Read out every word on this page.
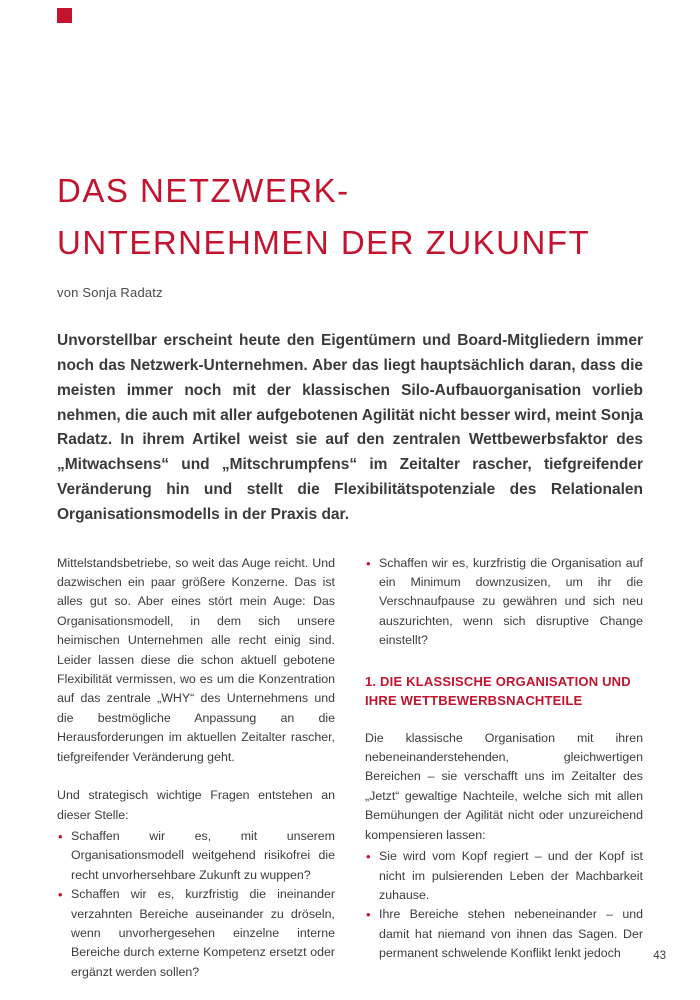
DAS NETZWERK-
UNTERNEHMEN DER ZUKUNFT

von Sonja Radatz

Unvorstellbar erscheint heute den Eigentümern und Board-Mitgliedern immer noch das Netzwerk-Unternehmen. Aber das liegt hauptsächlich daran, dass die meisten immer noch mit der klassischen Silo-Aufbauorganisation vorlieb nehmen, die auch mit aller aufgebotenen Agilität nicht besser wird, meint Sonja Radatz. In ihrem Artikel weist sie auf den zentralen Wettbewerbsfaktor des „Mitwachsens“ und „Mitschrumpfens“ im Zeitalter rascher, tiefgreifender Veränderung hin und stellt die Flexibilitätspotenziale des Relationalen Organisationsmodells in der Praxis dar.

Mittelstandsbetriebe, so weit das Auge reicht. Und dazwischen ein paar größere Konzerne. Das ist alles gut so. Aber eines stört mein Auge: Das Organisationsmodell, in dem sich unsere heimischen Unternehmen alle recht einig sind. Leider lassen diese die schon aktuell gebotene Flexibilität vermissen, wo es um die Konzentration auf das zentrale „WHY“ des Unternehmens und die bestmögliche Anpassung an die Herausforderungen im aktuellen Zeitalter rascher, tiefgreifender Veränderung geht.

Und strategisch wichtige Fragen entstehen an dieser Stelle:

• Schaffen wir es, mit unserem Organisationsmodell weitgehend risikofrei die recht unvorhersehbare Zukunft zu wuppen?
• Schaffen wir es, kurzfristig die ineinander verzahnten Bereiche auseinander zu dröseln, wenn unvorhergesehen einzelne interne Bereiche durch externe Kompetenz ersetzt oder ergänzt werden sollen?
• Schaffen wir es, kurzfristig die Organisation auf ein Minimum downzusizen, um ihr die Verschnaufpause zu gewähren und sich neu auszurichten, wenn sich disruptive Change einstellt?
1. DIE KLASSISCHE ORGANISATION UND IHRE WETTBEWERBSNACHTEILE

Die klassische Organisation mit ihren nebeneinanderstehenden, gleichwertigen Bereichen – sie verschafft uns im Zeitalter des „Jetzt“ gewaltige Nachteile, welche sich mit allen Bemühungen der Agilität nicht oder unzureichend kompensieren lassen:

• Sie wird vom Kopf regiert – und der Kopf ist nicht im pulsierenden Leben der Machbarkeit zuhause.
• Ihre Bereiche stehen nebeneinander – und damit hat niemand von ihnen das Sagen. Der permanent schwelende Konflikt lenkt jedoch	43
